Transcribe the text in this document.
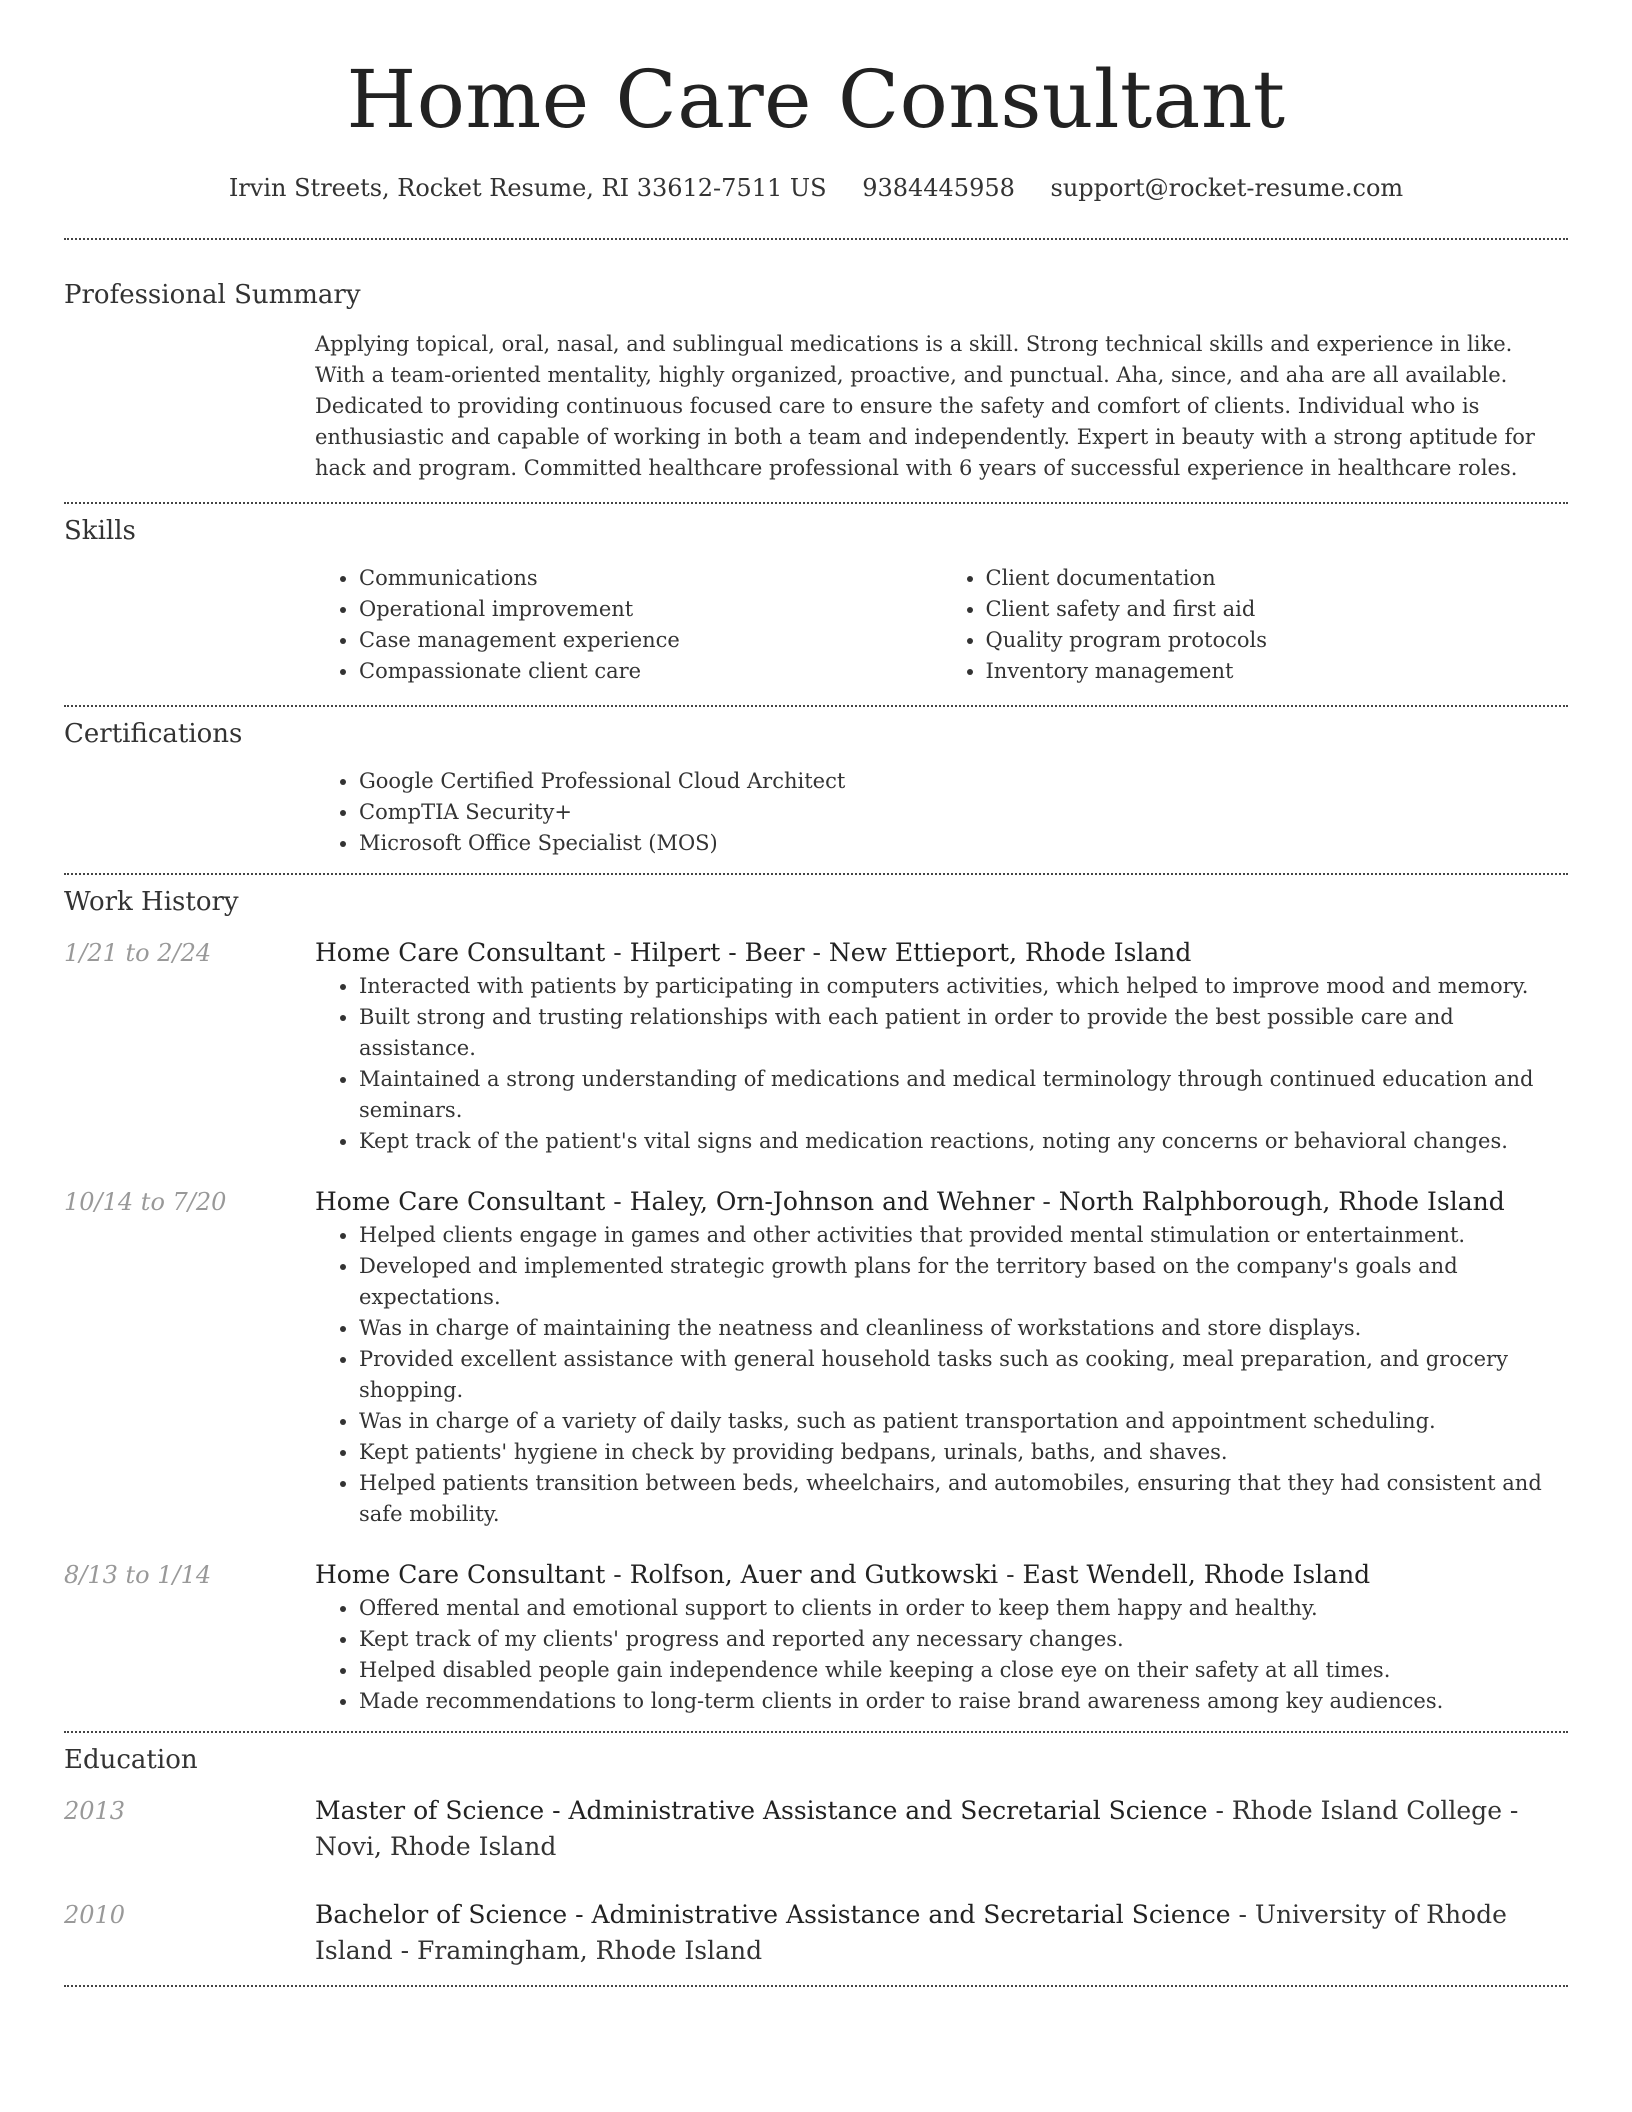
Home Care Consultant
Irvin Streets, Rocket Resume, RI 33612-7511 US 9384445958 support@rocket-resume.com
Professional Summary

Applying topical, oral, nasal, and sublingual medications is a skill. Strong technical skills and experience in like. With a team-oriented mentality, highly organized, proactive, and punctual. Aha, since, and aha are all available. Dedicated to providing continuous focused care to ensure the safety and comfort of clients. Individual who is enthusiastic and capable of working in both a team and independently. Expert in beauty with a strong aptitude for hack and program. Committed healthcare professional with 6 years of successful experience in healthcare roles.

Skills
• Communications
• Operational improvement
• Case management experience
• Compassionate client care
• Client documentation
• Client safety and first aid
• Quality program protocols
• Inventory management
Certifications
• Google Certified Professional Cloud Architect
• CompTIA Security+
• Microsoft Office Specialist (MOS)
Work History
1/21 to 2/24	Home Care Consultant - Hilpert - Beer - New Ettieport, Rhode Island
• Interacted with patients by participating in computers activities, which helped to improve mood and memory.
• Built strong and trusting relationships with each patient in order to provide the best possible care and assistance.
• Maintained a strong understanding of medications and medical terminology through continued education and seminars.
• Kept track of the patient's vital signs and medication reactions, noting any concerns or behavioral changes.
10/14 to 7/20	Home Care Consultant - Haley, Orn-Johnson and Wehner - North Ralphborough, Rhode Island
• Helped clients engage in games and other activities that provided mental stimulation or entertainment.
• Developed and implemented strategic growth plans for the territory based on the company's goals and expectations.
• Was in charge of maintaining the neatness and cleanliness of workstations and store displays.
• Provided excellent assistance with general household tasks such as cooking, meal preparation, and grocery shopping.
• Was in charge of a variety of daily tasks, such as patient transportation and appointment scheduling.
• Kept patients' hygiene in check by providing bedpans, urinals, baths, and shaves.
• Helped patients transition between beds, wheelchairs, and automobiles, ensuring that they had consistent and safe mobility.
8/13 to 1/14	Home Care Consultant - Rolfson, Auer and Gutkowski - East Wendell, Rhode Island
• Offered mental and emotional support to clients in order to keep them happy and healthy.
• Kept track of my clients' progress and reported any necessary changes.
• Helped disabled people gain independence while keeping a close eye on their safety at all times.
• Made recommendations to long-term clients in order to raise brand awareness among key audiences.
Education
2013	Master of Science - Administrative Assistance and Secretarial Science - Rhode Island College - Novi, Rhode Island
2010	Bachelor of Science - Administrative Assistance and Secretarial Science - University of Rhode Island - Framingham, Rhode Island
